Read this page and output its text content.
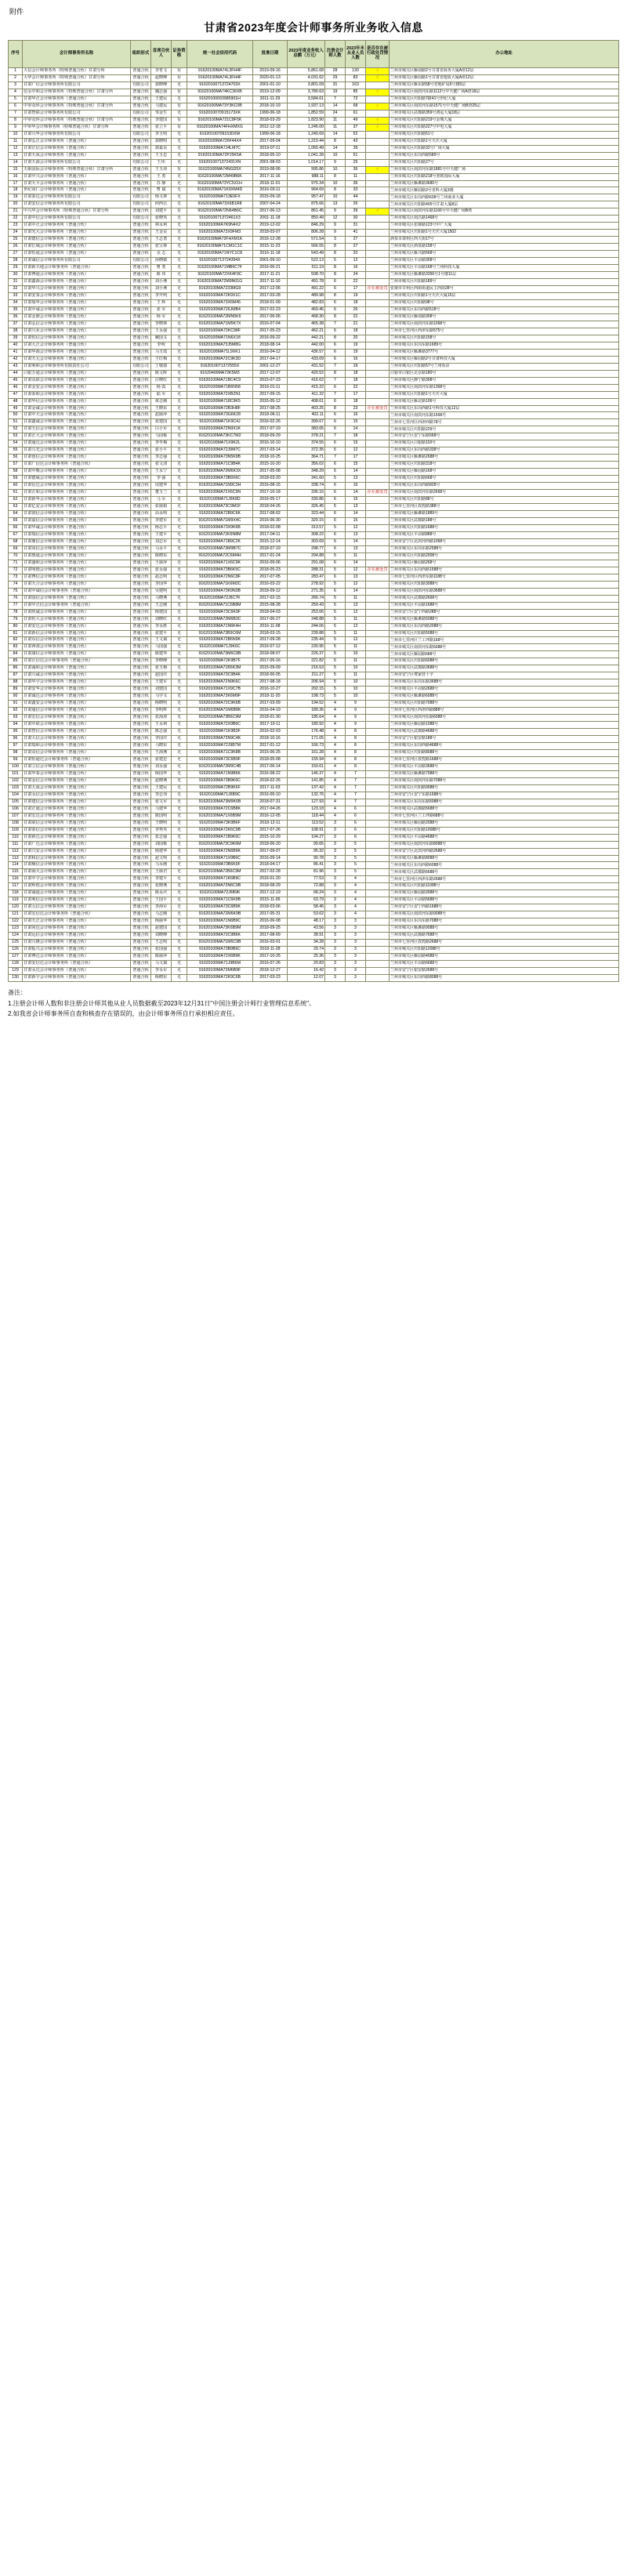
附件
甘肃省2023年度会计师事务所业务收入信息
序号	会计师事务所名称	组织形式	首席合伙人	证券资格	统一社会信用代码	批准日期	2023年度业务收入总额（万元）	注册会计师人数	2023年末从业人员人数	是否存在被行政处罚情况	办公地址
1	大信会计师事务所（特殊普通合伙）甘肃分所	普通合伙	李育文	有	91620100MA74L3FH4F	2019-09-16	5,861.68	28	130	√	兰州市城关区雁南路2号甘肃省商务大厦A座12层
2	大华会计师事务所（特殊普通合伙）甘肃分所	普通合伙	赵晓峰	有	91620100MA74L3FH4F	2020-01-13	4,031.62	29	83	√	兰州市城关区雁园路1号甘肃省地质大厦A座12层
3	甘肃广信会计师事务所有限公司	有限公司	郭晓峰	无	91620100713724703X	2001-01-10	3,801.09	31	163		兰州市城关区雁东路58号省地矿局6号楼5层
4	信永中和会计师事务所（特殊普通合伙）甘肃分所	普通合伙	魏志强	有	91620100MA74KC36XB	2019-12-09	3,780.63	19	85	√	兰州市城关区南滨河东路1112号中天健广场A塔18层
5	甘肃华正会计师事务所（普通合伙）	普通合伙	王建民	无	91620100693985901H	2011-11-29	3,584.61	7	72		兰州市城关区庆阳路7路41号世纪大厦
6	中审众环会计师事务所（特殊普通合伙）甘肃分所	普通合伙	马建民	有	91620100MA73Y3KC0B	2018-10-19	1,937.13	14	68	√	兰州市城关区南滨河东路1571号中天健广场B塔25层
7	甘肃智联会计师事务所有限公司	有限公司	邹金生	无	9162010070915173XK	1999-06-18	1,852.59	24	61		兰州市城关区武都路359号鸿运大厦18层
8	中审众环会计师事务所（特殊普通合伙）甘肃分所	普通合伙	李建国	有	91620100MA721C8F5K	2018-03-29	1,823.90	11	49	√	兰州市城关区庆阳路219号金城大厦
9	中审华会计师事务所（特殊普通合伙）甘肃分所	普通合伙	张立平	有	91620100MA74FHXMXG	2012-12-18	1,245.00	11	37	√	兰州市城关区庆阳路227号中电大厦
10	甘肃兴华会计师事务所有限公司	有限公司	李玉明	无	916201007091530XW	1999-06-18	1,240.69	14	52		兰州市城关区庆阳路51号
11	甘肃弘正会计师事务所（普通合伙）	普通合伙	郭晓明	无	91620100MA726F44X4	2017-09-04	1,210.44	8	43		兰州市城关区庆阳路1号天庆大厦
12	甘肃正信会计师事务所（普通合伙）	普通合伙	郭嘉良	无	91620100MA7J4LM7C	2019-07-11	1,060.49	14	39		兰州市城关区庆阳路32号广场大厦
13	甘肃天成会计师事务所（普通合伙）	普通合伙	王玉忠	无	91620100MA72PJ5K5A	2018-05-10	1,041.28	10	51		兰州市城关区东岗西路589号
14	甘肃天源会计师事务所有限公司	有限公司	王伟	无	9162010071372431XN	2001-08-03	1,014.17	9	25		兰州市城关区庆阳路27号
15	天职国际会计师事务所（特殊普通合伙）甘肃分所	普通合伙	王玉涛	有	91620100MA74NGD5X	2019-08-06	995.86	10	36	√	兰州市城关区南滨河东路1881号中天健广场
16	甘肃中兴会计师事务所（普通合伙）	普通合伙	王 勇	无	91620100MA72M49B6K	2017-11-16	988.11	8	11		兰州市城关区庆阳路218号亚欧国际大厦
17	甘肃天平会计师事务所（普通合伙）	普通合伙	苏 静	无	91620100MA73YC5X1H	2018-11-01	975.34	10	36		兰州市城关区雁滩路3680号
18	世纪同仁会计师事务所（普通合伙）	普通合伙	曹 斌	无	91620100MA71K9XM4D	2016-03-11	964.69	8	33		兰州市城关区雁园路3号省科大厦3楼
19	甘肃泰达会计师事务所有限公司	有限公司	杨文林	无	91620100MA713E5FX	2015-09-18	957.47	10	44		兰州市城关区东岗西路638号兰州商业大厦
20	甘肃安信会计师事务所有限公司	有限公司	何西岳	无	91620100MA73X6B1R8	2007-04-24	875.66	13	26		兰州市城关区庆阳路405号甘肃大厦8层
21	中兴华会计师事务所（特殊普通合伙）甘肃分所	普通合伙	刘建平	有	91620100MA72N64B6C	2017-06-13	861.45	9	39	√	兰州市城关区南滨河东路1166号中天健广场B塔
22	甘肃中信会计师事务所有限公司	有限公司	张晓英	无	9162010071372461X3	2001-11-18	850.49	12	30		兰州市城关区南昌路1468号
23	甘肃中正会计师事务所（普通合伙）	普通合伙	林永利	无	91620100MA7K9N4X2	2019-12-02	846.29	9	31		兰州市城关区张掖路123号中广大厦
24	甘肃光大会计师事务所（普通合伙）	普通合伙	王金良	无	91620100MA73X9FM3	2018-03-07	806.28	9	41		兰州市城关区庆阳路1号天庆大厦1502
25	甘肃德信会计师事务所（普通合伙）	普通合伙	王志勇	无	91620100MA72FHXM1K	2016-12-28	571.54	3	27		酒泉市肃州区西大街17号
26	甘肃长城会计师事务所（普通合伙）	普通合伙	张宝林	无	91620100MA71CM1C1C	2015-11-23	566.55	8	27		兰州市城关区酒泉路158号
27	甘肃恒通会计师事务所（普通合伙）	普通合伙	余 志	无	91620100MA71NYC1C8	2016-11-18	543.49	8	20		兰州市城关区雁兴路568号
28	甘肃诚信会计师事务所有限公司	有限公司	孙晓敏	无	91620100713724394X	2001-09-10	522.13	5	12		兰州市城关区平凉路308号
29	甘肃新天地会计师事务所（普通合伙）	普通合伙	曹 勇	无	91620100MA71MB6C7F	2016-06-21	511.19	8	16		兰州市城关区平凉路168号兰州科技大厦
30	甘肃博通会计师事务所（普通合伙）	普通合伙	陈 伟	无	91620100MA72XK4F9C	2017-11-21	508.70	8	24		兰州市城关区雁滩路3356号1号楼11层
31	甘肃鑫源会计师事务所（普通合伙）	普通合伙	刘小燕	无	91620100MA72M9N01G	2017-11-10	491.78	6	22		兰州市城关区庆阳路189号
32	甘肃华兴会计师事务所（普通合伙）	普通合伙	刘小燕	无	91620100MA7233MG9	2017-12-06	491.22	6	17	存在被处罚	张掖市甘州区西街街道民主西街28号
33	甘肃安泰会计师事务所（普通合伙）	普通合伙	李开明	无	91620100MA72K9X1C	2017-03-28	489.98	8	19		兰州市城关区庆阳路1号天庆大厦15层
34	甘肃瑞华会计师事务所（普通合伙）	普通合伙	王 辉	无	91620100MA73X6M45	2018-01-09	482.83	6	18		兰州市城关区庆阳路98号
35	甘肃中诚会计师事务所（普通合伙）	普通合伙	张 军	无	91620100MA726JMB4	2017-02-23	469.46	6	26		兰州市城关区东岗西路518号
36	甘肃金鼎会计师事务所（普通合伙）	普通合伙	杨 军	无	91620100MA72MN5K6	2017-06-06	468.30	8	22		兰州市城关区雁南路308号
37	甘肃弘信会计师事务所（普通合伙）	普通合伙	李晓林	无	91620100MA71M5K7X	2016-07-04	465.38	7	21		兰州市城关区南滨河东路1068号
38	甘肃兴业会计师事务所（普通合伙）	普通合伙	王永强	无	91620100MA72KC98F	2017-05-23	462.21	6	18		兰州市七里河区西津东路575号
39	甘肃恒信会计师事务所（普通合伙）	普通合伙	戴国义	无	91620100MA71N6X18	2016-09-22	442.21	8	20		兰州市城关区庆阳路158号
40	甘肃大正会计师事务所（普通合伙）	普通合伙	李明	无	91620100MA73J5M8G	2018-08-14	442.00	6	19		兰州市城关区东岗东路1689号
41	甘肃华源会计师事务所（普通合伙）	普通合伙	马玉霞	无	91620100MA71L9XK1	2016-04-12	436.57	6	19		兰州市城关区雁滩路3777号
42	甘肃天元会计师事务所（普通合伙）	普通合伙	王红梅	无	91620100MA72C9K3D	2017-04-17	433.09	6	16		兰州市城关区雁园路2号甘肃科技大厦
43	甘肃利和会计师事务所有限责任公司	有限公司	丁敬康	无	9162010071372555X	2001-12-27	431.52	7	19		兰州市城关区庆阳路57号兰州饭店
44	白银万通会计师事务所（普通合伙）	普通合伙	陈文晖	无	91620400MA72K5M3	2017-12-07	420.52	8	18		白银市白银区北京路180号
45	甘肃众联会计师事务所（普通合伙）	普通合伙	汪晓红	无	91620100MA71BC4C9	2015-07-23	416.62	7	18		兰州市城关区静宁路308号
46	甘肃金安会计师事务所（普通合伙）	普通合伙	杨 霞	无	91620100MA71B6N58	2016-01-11	415.22	6	22		兰州市城关区南滨河东路1368号
47	甘肃泰和会计师事务所（普通合伙）	普通合伙	陆 军	无	91620100MA72XB2N1	2017-09-15	411.32	7	17		兰州市城关区庆阳路1号天庆大厦
48	甘肃华信会计师事务所（普通合伙）	普通合伙	黄志刚	无	91620100MA718C9K5	2015-05-12	408.61	6	18		兰州市城关区雁北路106号
49	甘肃金诚会计师事务所（普通合伙）	普通合伙	王晓东	无	91620100MA72B3H8F	2017-08-25	403.25	8	23	存在被处罚	兰州市城关区东岗西路1号科技大厦12层
50	甘肃中天会计师事务所（普通合伙）	普通合伙	赵丽萍	无	91620100MA73G6K28	2018-06-11	402.11	6	16		兰州市城关区南滨河东路1558号
51	甘肃鑫诚会计师事务所（普通合伙）	普通合伙	张建国	无	91620100MA71K9C4J	2016-02-26	399.67	6	15		兰州市七里河区西津西路78号
52	甘肃天信会计师事务所（普通合伙）	普通合伙	白小军	无	91620100MA72N9X1K	2017-07-19	383.65	6	14		兰州市城关区庆阳路229号
53	甘肃正大会计师事务所（普通合伙）	普通合伙	马国栋	无	91620100MA73KC7M2	2018-09-29	378.21	7	18		兰州市安宁区安宁东路568号
54	甘肃通达会计师事务所（普通合伙）	普通合伙	李冬梅	无	91620100MA71X9K2L	2016-10-10	374.55	6	15		兰州市城关区白银路118号
55	甘肃兴光会计师事务所（普通合伙）	普通合伙	张小平	无	91620100MA72J9M7C	2017-03-14	372.35	5	12		兰州市城关区东岗西路338号
56	甘肃创信会计师事务所（普通合伙）	普通合伙	李志强	无	91620100MA73N5K9B	2018-10-25	364.71	7	17		兰州市城关区雁滩路2688号
57	甘肃广信达会计师事务所（普通合伙）	普通合伙	张文清	无	91620100MA71C9B4K	2015-10-20	356.02	6	15		兰州市城关区庆阳路318号
58	甘肃中衡会计师事务所（普通合伙）	普通合伙	王永宁	无	91620100MA72M6K3X	2017-05-08	348.29	6	14		兰州市城关区雁园路168号
59	甘肃德威会计师事务所（普通合伙）	普通合伙	李 强	无	91620100MA73B9X6C	2018-03-20	341.60	5	13		兰州市城关区庆阳路668号
60	甘肃信达会计师事务所（普通合伙）	普通合伙	周建华	无	91620100MA71N9C3H	2016-08-15	338.74	6	16		兰州市城关区东岗西路828号
61	甘肃正和会计师事务所（普通合伙）	普通合伙	董玉兰	无	91620100MA72X6C9N	2017-10-18	336.16	6	14	存在被处罚	兰州市城关区南滨河东路2668号
62	甘肃新华会计师事务所（普通合伙）	普通合伙	马 军	无	91620100MA71J6K8D	2016-05-17	330.86	6	15		兰州市城关区庆阳路88号
63	甘肃亿安会计师事务所（普通合伙）	普通合伙	张丽娟	无	91620100MA73C9M1F	2018-04-26	326.45	5	13		兰州市七里河区敦煌路388号
64	甘肃润信会计师事务所（普通合伙）	普通合伙	高永明	无	91620100MA72B9C6K	2017-08-02	323.44	6	14		兰州市城关区雁滩路1889号
65	甘肃嘉信会计师事务所（普通合伙）	普通合伙	李建军	无	91620100MA71M9X4C	2016-06-30	320.15	6	15		兰州市城关区武都路188号
66	甘肃华诚会计师事务所（普通合伙）	普通合伙	杨志平	无	91620100MA73X9K6B	2018-02-08	313.57	5	12		兰州市城关区庆阳路1688号
67	甘肃瑞信会计师事务所（普通合伙）	普通合伙	王建平	无	91620100MA72K6N8M	2017-04-11	308.22	6	13		兰州市城关区平凉路888号
68	甘肃鼎信会计师事务所（普通合伙）	普通合伙	刘志军	无	91620100MA71B9C2K	2015-12-14	303.69	5	14		兰州市安宁区北滨河西路1068号
69	甘肃同信会计师事务所（普通合伙）	普通合伙	马永平	无	91620100MA73M9B7C	2018-07-19	298.77	6	13		兰州市城关区东岗东路2588号
70	甘肃惠通会计师事务所（普通合伙）	普通合伙	陈晓东	无	91620100MA72C6M4H	2017-01-24	294.88	5	11		兰州市城关区庆阳路2008号
71	甘肃盛和会计师事务所（普通合伙）	普通合伙	王丽萍	无	91620100MA71X6C9K	2016-09-06	291.08	6	14		兰州市城关区雁园路268号
72	甘肃明德会计师事务所（普通合伙）	普通合伙	张永强	无	91620100MA73B6K5C	2018-05-23	288.31	5	12	存在被处罚	兰州市城关区东岗西路1588号
73	甘肃博信会计师事务所（普通合伙）	普通合伙	赵志明	无	91620100MA72N6C8F	2017-07-05	283.47	6	13		兰州市七里河区西津东路1188号
74	甘肃天合会计师事务所（普通合伙）	普通合伙	李国华	无	91620100MA71K6M2C	2016-03-22	278.92	5	12		兰州市城关区庆阳路3088号
75	甘肃中诚信会计师事务所（普通合伙）	普通合伙	吴建明	无	91620100MA73K9N3B	2018-09-12	271.35	6	14		兰州市城关区南滨河东路3688号
76	甘肃国信会计师事务所（普通合伙）	普通合伙	马晓燕	无	91620100MA72J6C7K	2017-02-15	266.74	5	11		兰州市城关区武都路2668号
77	甘肃中正信会计师事务所（普通合伙）	普通合伙	王志刚	无	91620100MA71C6B8M	2015-08-28	259.43	5	13		兰州市城关区平凉路1688号
78	甘肃欣诚会计师事务所（普通合伙）	普通合伙	杨建国	无	91620100MA73C6K9F	2018-04-03	253.66	5	12		兰州市安宁区安宁西路288号
79	甘肃恒大会计师事务所（普通合伙）	普通合伙	刘晓红	无	91620100MA72M6B3C	2017-06-27	248.88	5	11		兰州市城关区雁滩路5088号
80	甘肃安达会计师事务所（普通合伙）	普通合伙	李永胜	无	91620100MA71N6K4H	2016-11-08	244.06	5	12		兰州市城关区东岗西路2088号
81	甘肃新信会计师事务所（普通合伙）	普通合伙	张建平	无	91620100MA73B9C6M	2018-03-15	239.88	5	11		兰州市城关区庆阳路5088号
82	甘肃东信会计师事务所（普通合伙）	普通合伙	王文斌	无	91620100MA72B6N9K	2017-09-28	235.44	5	12		兰州市七里河区兰工坪路168号
83	甘肃西部会计师事务所（普通合伙）	普通合伙	马国强	无	91620100MA71J9K6C	2016-07-12	230.95	5	11		兰州市城关区南滨河东路5088号
84	甘肃康信会计师事务所（普通合伙）	普通合伙	陈建华	无	91620100MA73M6C8B	2018-08-07	226.37	5	10		兰州市城关区雁园路688号
85	甘肃正信达会计师事务所（普通合伙）	普通合伙	李晓峰	无	91620100MA72K9B7F	2017-05-16	221.82	5	11		兰州市城关区庆阳路6088号
86	甘肃诚和会计师事务所（普通合伙）	普通合伙	张玉梅	无	91620100MA71B6K3M	2015-09-09	216.53	5	10		兰州市城关区武都路3688号
87	甘肃兴诚会计师事务所（普通合伙）	普通合伙	赵国庆	无	91620100MA73C9B4K	2018-06-05	211.27	5	11		兰州市安宁区费家营十字
88	甘肃华宇会计师事务所（普通合伙）	普通合伙	王建军	无	91620100MA72N9K6C	2017-08-18	206.94	5	10		兰州市城关区东岗东路3688号
89	甘肃安华会计师事务所（普通合伙）	普通合伙	刘建国	无	91620100MA71X9C7B	2016-10-27	202.15	5	10		兰州市城关区平凉路2688号
90	甘肃诚达会计师事务所（普通合伙）	普通合伙	马学文	无	91620100MA73K6M9F	2018-11-20	198.73	5	10		兰州市城关区雁滩路6088号
91	甘肃鑫安会计师事务所（普通合伙）	普通合伙	杨晓明	无	91620100MA72C9K6B	2017-03-09	194.52	4	9		兰州市城关区庆阳路7088号
92	甘肃通信会计师事务所（普通合伙）	普通合伙	李明辉	无	91620100MA71M6B8K	2016-04-19	189.36	4	9		兰州市七里河区西津西路888号
93	甘肃宏信会计师事务所（普通合伙）	普通合伙	张海涛	无	91620100MA73B6C9M	2018-01-30	185.64	4	9		兰州市城关区南滨河东路6088号
94	甘肃中联会计师事务所（普通合伙）	普通合伙	王永利	无	91620100MA72X9B6C	2017-10-11	180.92	4	9		兰州市城关区雁园路1088号
95	甘肃智信会计师事务所（普通合伙）	普通合伙	陈志强	无	91620100MA71K9B3F	2016-02-03	176.48	4	8		兰州市城关区武都路4688号
96	甘肃大信会计师事务所（普通合伙）	普通合伙	李国庆	无	91620100MA73N9C4K	2018-10-16	171.05	4	8		兰州市安宁区银安路188号
97	甘肃瑞和会计师事务所（普通合伙）	普通合伙	马晓东	无	91620100MA72J9B7M	2017-01-12	166.73	4	8		兰州市城关区东岗西路4688号
98	甘肃众信会计师事务所（普通合伙）	普通合伙	王海燕	无	91620100MA71C9K8B	2015-06-25	161.28	4	8		兰州市城关区庆阳路8088号
99	甘肃恒通达会计师事务所（普通合伙）	普通合伙	张建忠	无	91620100MA73C6B9F	2018-05-08	155.94	4	8		兰州市七里河区敦煌路1688号
100	甘肃立信会计师事务所（普通合伙）	普通合伙	刘永强	无	91620100MA72M9C4B	2017-06-14	150.61	4	8		兰州市城关区平凉路3688号
101	甘肃华泰会计师事务所（普通合伙）	普通合伙	杨国华	无	91620100MA71N9B6K	2016-08-22	146.37	4	7		兰州市城关区雁滩路7088号
102	甘肃金信会计师事务所（普通合伙）	普通合伙	赵晓燕	无	91620100MA73B9K6C	2018-02-26	141.85	4	7		兰州市城关区南滨河东路7088号
103	甘肃大成会计师事务所（普通合伙）	普通合伙	王建民	无	91620100MA72B9K6F	2017-11-03	137.42	4	7		兰州市城关区庆阳路9088号
104	甘肃永信会计师事务所（普通合伙）	普通合伙	李志伟	无	91620100MA71J6B9C	2016-05-10	132.76	4	7		兰州市安宁区安宁东路1688号
105	甘肃建信会计师事务所（普通合伙）	普通合伙	张文军	无	91620100MA73M9K6B	2018-07-31	127.93	4	7		兰州市城关区东岗东路5088号
106	甘肃正通会计师事务所（普通合伙）	普通合伙	马建华	无	91620100MA72C6B8K	2017-04-26	123.18	4	6		兰州市城关区武都路5688号
107	甘肃宏达会计师事务所（普通合伙）	普通合伙	陈国明	无	91620100MA71X6B9M	2016-12-05	118.44	4	6		兰州市七里河区兰工坪路688号
108	甘肃联信会计师事务所（普通合伙）	普通合伙	王晓明	无	91620100MA73K9B6F	2018-12-11	113.52	3	6		兰州市城关区雁园路2088号
109	甘肃泰信会计师事务所（普通合伙）	普通合伙	李秀英	无	91620100MA72K6C9B	2017-07-26	108.91	3	6		兰州市城关区庆阳路10088号
110	甘肃新达会计师事务所（普通合伙）	普通合伙	张志强	无	91620100MA71B9K6C	2015-10-29	104.27	3	6		兰州市城关区平凉路4688号
111	甘肃广达会计师事务所（普通合伙）	普通合伙	刘国栋	无	91620100MA73C9K6M	2018-06-20	99.65	3	5		兰州市城关区南滨河东路8088号
112	甘肃兴安会计师事务所（普通合伙）	普通合伙	杨建华	无	91620100MA72N6B9K	2017-09-07	95.32	3	5		兰州市安宁区北滨河西路2688号
113	甘肃和信会计师事务所（普通合伙）	普通合伙	赵文明	无	91620100MA71X9B6C	2016-09-14	90.78	3	5		兰州市城关区雁滩路8088号
114	甘肃顺信会计师事务所（普通合伙）	普通合伙	马永刚	无	91620100MA73B6K9F	2018-04-17	86.41	3	5		兰州市城关区东岗西路6088号
115	甘肃海天会计师事务所（普通合伙）	普通合伙	王丽君	无	91620100MA72B6C9M	2017-02-28	81.96	3	5		兰州市城关区武都路6688号
116	甘肃中宇会计师事务所（普通合伙）	普通合伙	李建平	无	91620100MA71K6B9C	2016-01-20	77.53	3	4		兰州市七里河区西津东路2688号
117	甘肃辉煌会计师事务所（普通合伙）	普通合伙	张晓燕	无	91620100MA73N6C9B	2018-08-29	72.88	3	4		兰州市城关区庆阳路11088号
118	甘肃诚通会计师事务所（普通合伙）	普通合伙	陈永庆	无	91620100MA72J6B9K	2017-12-19	68.24	3	4		兰州市城关区雁园路3088号
119	甘肃利信会计师事务所（普通合伙）	普通合伙	王国平	无	91620100MA71C6K9B	2015-11-06	63.79	3	4		兰州市城关区平凉路5688号
120	甘肃元信会计师事务所（普通合伙）	普通合伙	李海军	无	91620100MA73C6B9K	2018-03-06	58.45	3	4		兰州市安宁区安宁西路1688号
121	甘肃宏信达会计师事务所（普通合伙）	普通合伙	马志刚	无	91620100MA72M6K9B	2017-05-31	53.62	3	4		兰州市城关区南滨河东路9088号
122	甘肃天正会计师事务所（普通合伙）	普通合伙	杨丽华	无	91620100MA71N6B9C	2016-06-08	48.17	3	3		兰州市城关区东岗东路7088号
123	甘肃同达会计师事务所（普通合伙）	普通合伙	赵建国	无	91620100MA73K6B9M	2018-09-25	43.56	3	3		兰州市城关区雁滩路9088号
124	甘肃远信会计师事务所（普通合伙）	普通合伙	刘晓峰	无	91620100MA72C9B6K	2017-08-09	38.91	3	3		兰州市城关区武都路7688号
125	甘肃兴隆会计师事务所（普通合伙）	普通合伙	王志明	无	91620100MA71M6C9B	2016-03-01	34.28	3	3		兰州市七里河区敦煌路2688号
126	甘肃振兴会计师事务所（普通合伙）	普通合伙	张国强	无	91620100MA73B9B6C	2018-11-28	29.74	3	3		兰州市城关区庆阳路12088号
127	甘肃博达会计师事务所（普通合伙）	普通合伙	陈丽萍	无	91620100MA72X6B9K	2017-10-25	25.36	3	3		兰州市城关区雁园路4088号
128	甘肃安信达会计师事务所（普通合伙）	普通合伙	马文斌	无	91620100MA71J9B6M	2016-07-26	20.83	3	3		兰州市城关区平凉路6688号
129	甘肃永达会计师事务所（普通合伙）	普通合伙	李永军	无	91620100MA73M6B9F	2018-12-27	16.42	3	3		兰州市安宁区银安路2688号
130	甘肃新宇会计师事务所（普通合伙）	普通合伙	杨晓东	无	91620100MA72K9C6B	2017-03-23	12.07	3	3		兰州市城关区东岗西路8088号
备注：
1.注册会计师人数和非注册会计师其他从业人员数据截至2023年12月31日"中国注册会计师行业管理信息系统"。
2.如我省会计师事务所自查和核查存在错误的，由会计师事务所自行承担相应责任。
